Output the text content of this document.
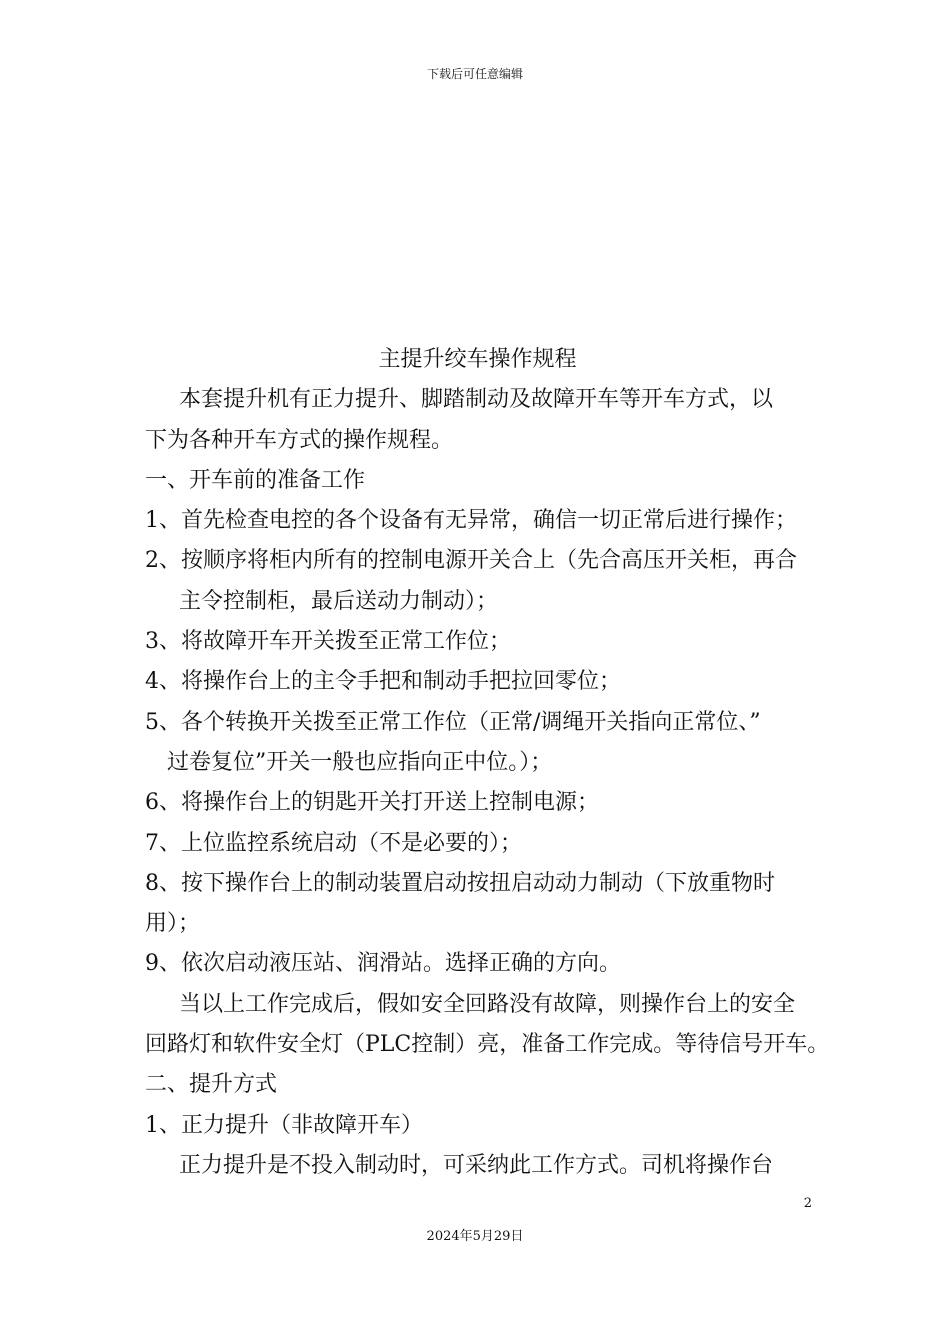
下载后可任意编辑
主提升绞车操作规程
本套提升机有正力提升、脚踏制动及故障开车等开车方式，以
下为各种开车方式的操作规程。
一、开车前的准备工作
1、首先检查电控的各个设备有无异常，确信一切正常后进行操作；
2、按顺序将柜内所有的控制电源开关合上（先合高压开关柜，再合
主令控制柜，最后送动力制动）；
3、将故障开车开关拨至正常工作位；
4、将操作台上的主令手把和制动手把拉回零位；
5、各个转换开关拨至正常工作位（正常/调绳开关指向正常位、”
过卷复位”开关一般也应指向正中位。）；
6、将操作台上的钥匙开关打开送上控制电源；
7、上位监控系统启动（不是必要的）；
8、按下操作台上的制动装置启动按扭启动动力制动（下放重物时
用）；
9、依次启动液压站、润滑站。选择正确的方向。
当以上工作完成后，假如安全回路没有故障，则操作台上的安全
回路灯和软件安全灯（PLC控制）亮，准备工作完成。等待信号开车。
二、提升方式
1、正力提升（非故障开车）
正力提升是不投入制动时，可采纳此工作方式。司机将操作台
2
2024年5月29日
